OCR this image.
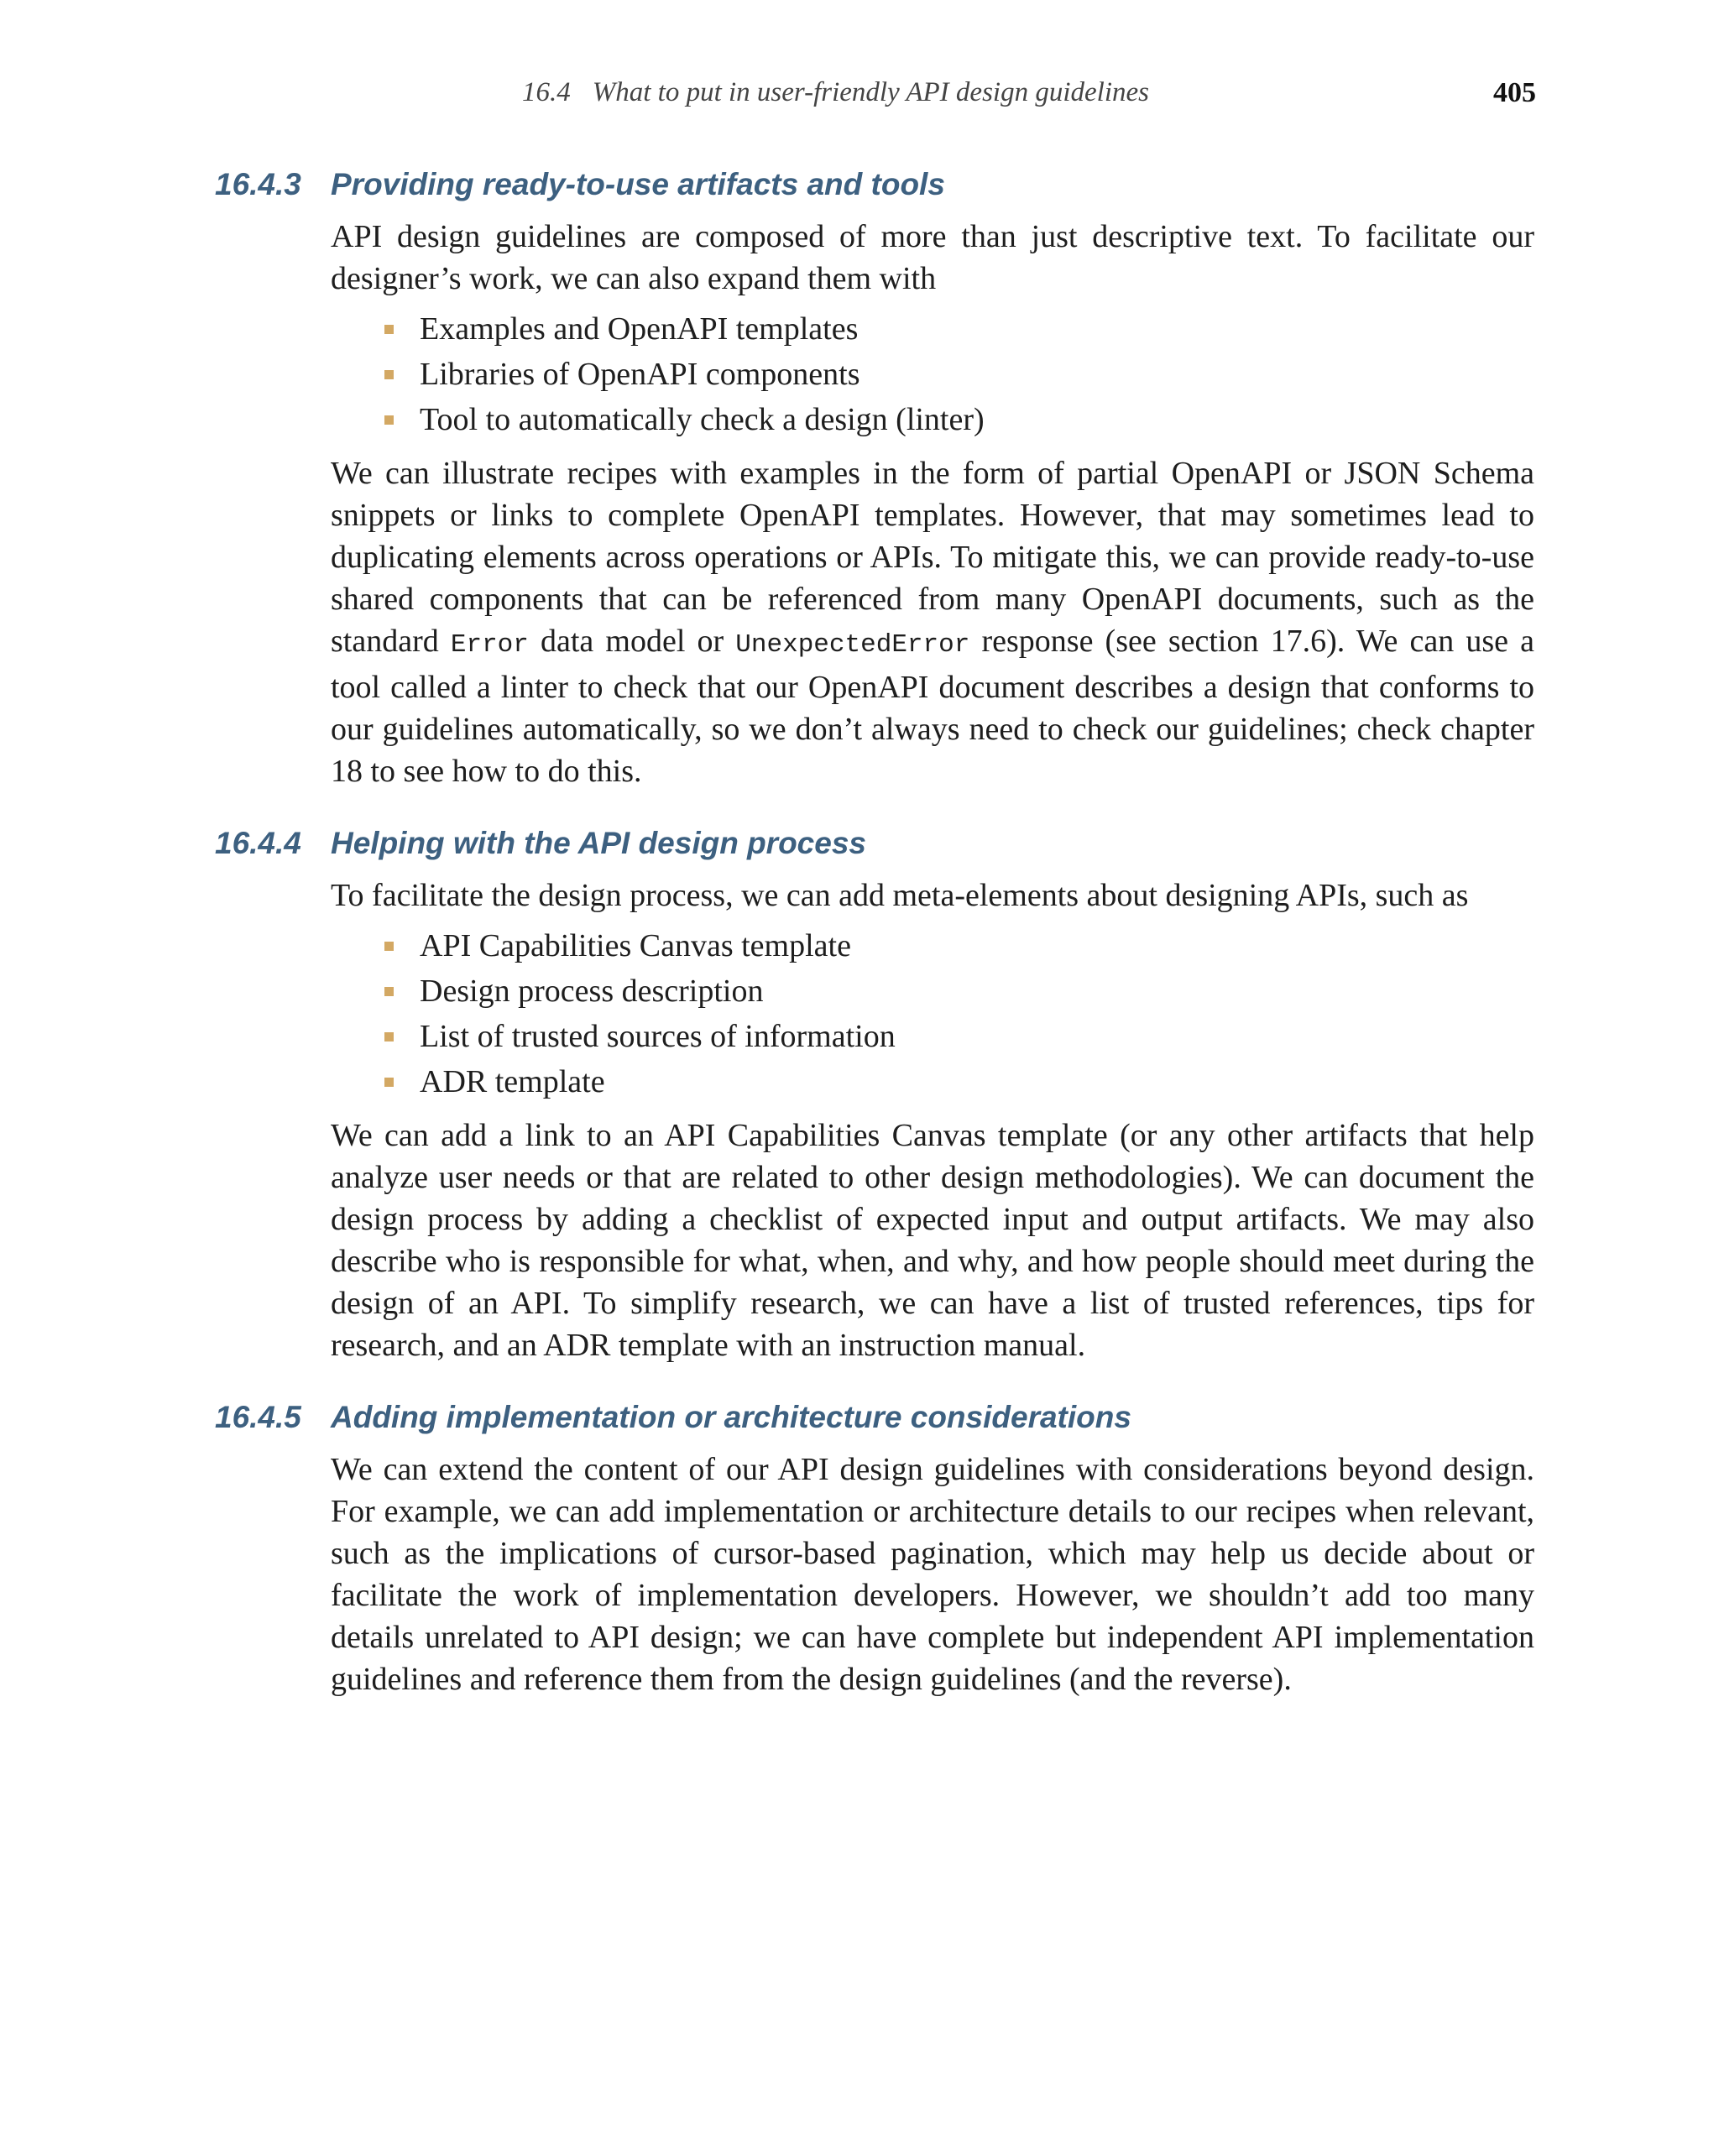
16.4 What to put in user-friendly API design guidelines	405
16.4.3 Providing ready-to-use artifacts and tools

API design guidelines are composed of more than just descriptive text. To facilitate our designer’s work, we can also expand them with

Examples and OpenAPI templates
Libraries of OpenAPI components
Tool to automatically check a design (linter)

We can illustrate recipes with examples in the form of partial OpenAPI or JSON Schema snippets or links to complete OpenAPI templates. However, that may sometimes lead to duplicating elements across operations or APIs. To mitigate this, we can provide ready-to-use shared components that can be referenced from many OpenAPI documents, such as the standard Error data model or UnexpectedError response (see section 17.6). We can use a tool called a linter to check that our OpenAPI document describes a design that conforms to our guidelines automatically, so we don’t always need to check our guidelines; check chapter 18 to see how to do this.

16.4.4 Helping with the API design process

To facilitate the design process, we can add meta-elements about designing APIs, such as

API Capabilities Canvas template
Design process description
List of trusted sources of information
ADR template

We can add a link to an API Capabilities Canvas template (or any other artifacts that help analyze user needs or that are related to other design methodologies). We can document the design process by adding a checklist of expected input and output artifacts. We may also describe who is responsible for what, when, and why, and how people should meet during the design of an API. To simplify research, we can have a list of trusted references, tips for research, and an ADR template with an instruction manual.

16.4.5 Adding implementation or architecture considerations

We can extend the content of our API design guidelines with considerations beyond design. For example, we can add implementation or architecture details to our recipes when relevant, such as the implications of cursor-based pagination, which may help us decide about or facilitate the work of implementation developers. However, we shouldn’t add too many details unrelated to API design; we can have complete but independent API implementation guidelines and reference them from the design guidelines (and the reverse).
